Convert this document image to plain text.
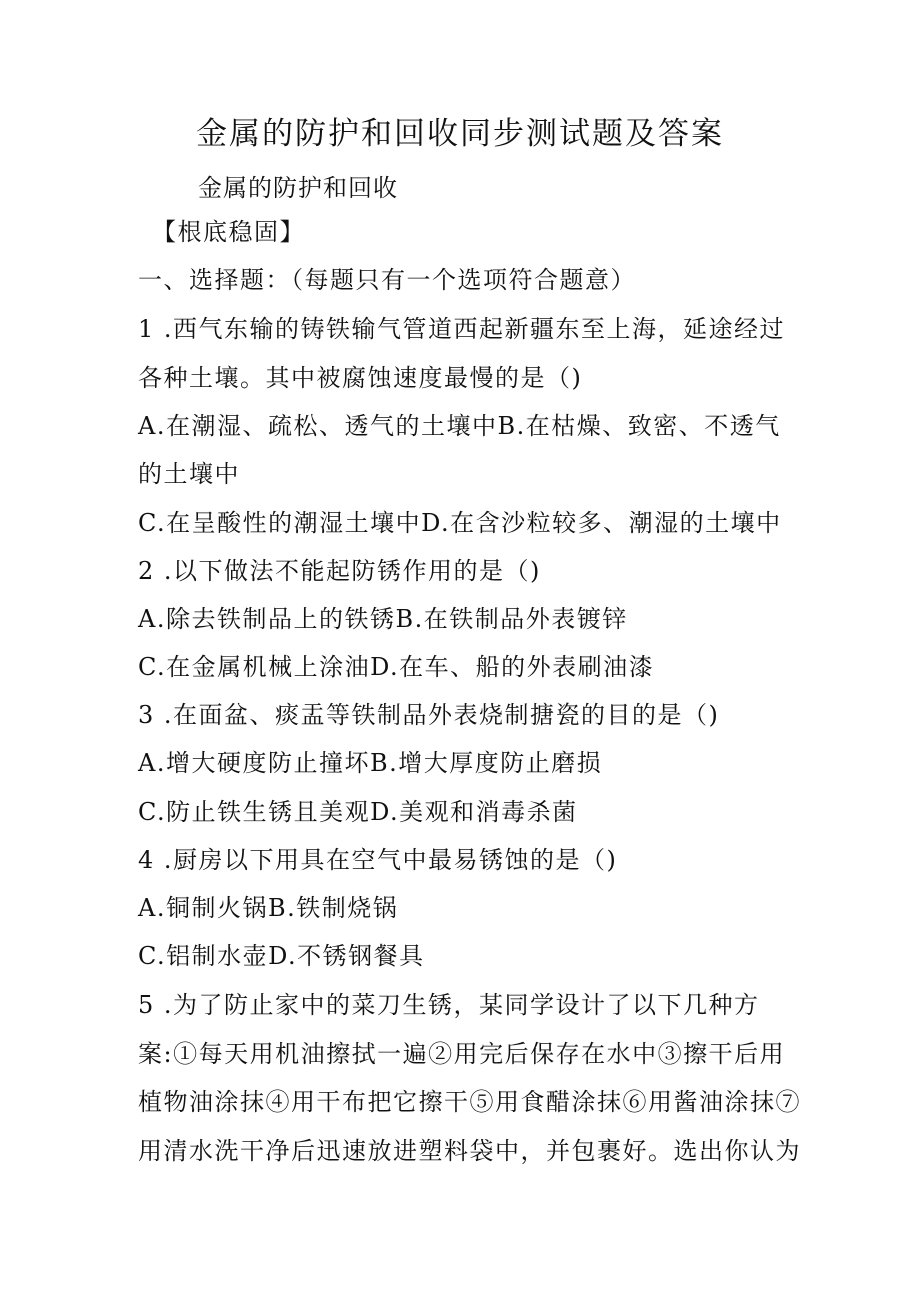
金属的防护和回收同步测试题及答案
金属的防护和回收
【根底稳固】
一、选择题：（每题只有一个选项符合题意）
1 .西气东输的铸铁输气管道西起新疆东至上海，延途经过
各种土壤。其中被腐蚀速度最慢的是（)
A.在潮湿、疏松、透气的土壤中B.在枯燥、致密、不透气
的土壤中
C.在呈酸性的潮湿土壤中D.在含沙粒较多、潮湿的土壤中
2 .以下做法不能起防锈作用的是（)
A.除去铁制品上的铁锈B.在铁制品外表镀锌
C.在金属机械上涂油D.在车、船的外表刷油漆
3 .在面盆、痰盂等铁制品外表烧制搪瓷的目的是（)
A.增大硬度防止撞坏B.增大厚度防止磨损
C.防止铁生锈且美观D.美观和消毒杀菌
4 .厨房以下用具在空气中最易锈蚀的是（)
A.铜制火锅B.铁制烧锅
C.铝制水壶D.不锈钢餐具
5 .为了防止家中的菜刀生锈，某同学设计了以下几种方
案:①每天用机油擦拭一遍②用完后保存在水中③擦干后用
植物油涂抹④用干布把它擦干⑤用食醋涂抹⑥用酱油涂抹⑦
用清水洗干净后迅速放进塑料袋中，并包裹好。选出你认为
